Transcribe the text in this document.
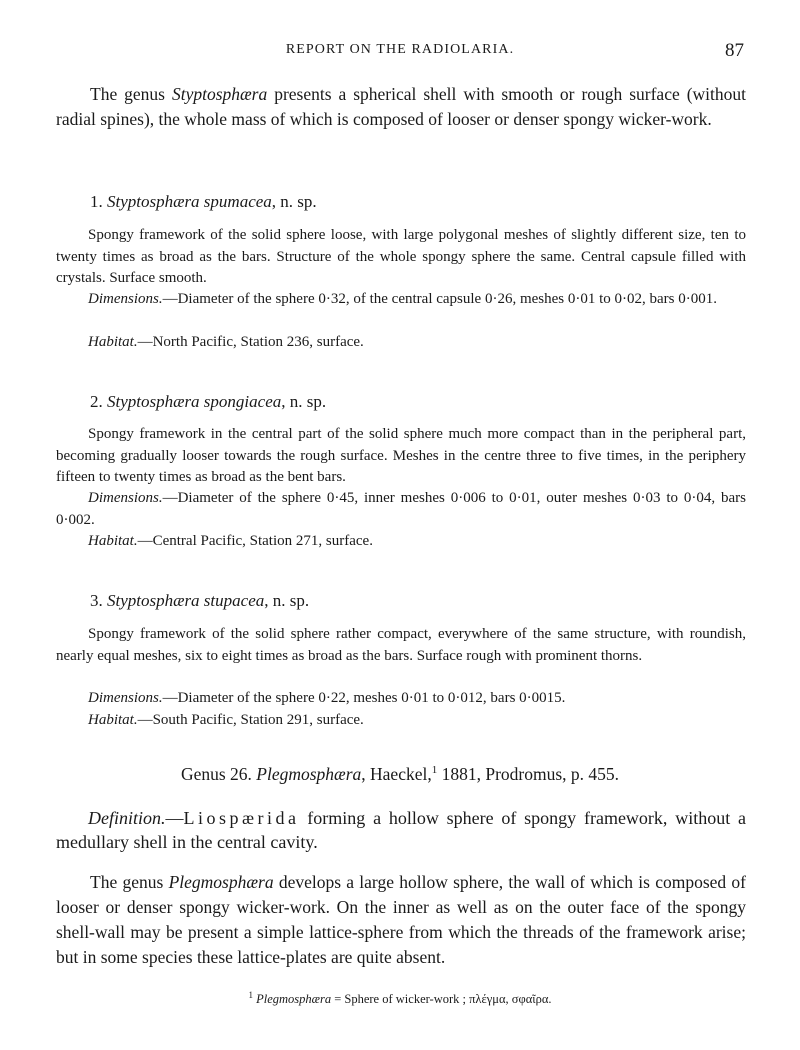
REPORT ON THE RADIOLARIA.	87

The genus Styptosphæra presents a spherical shell with smooth or rough surface (without radial spines), the whole mass of which is composed of looser or denser spongy wicker-work.

1. Styptosphæra spumacea, n. sp.

Spongy framework of the solid sphere loose, with large polygonal meshes of slightly different size, ten to twenty times as broad as the bars. Structure of the whole spongy sphere the same. Central capsule filled with crystals. Surface smooth.

Dimensions.—Diameter of the sphere 0·32, of the central capsule 0·26, meshes 0·01 to 0·02, bars 0·001.

Habitat.—North Pacific, Station 236, surface.

2. Styptosphæra spongiacea, n. sp.

Spongy framework in the central part of the solid sphere much more compact than in the peripheral part, becoming gradually looser towards the rough surface. Meshes in the centre three to five times, in the periphery fifteen to twenty times as broad as the bent bars.

Dimensions.—Diameter of the sphere 0·45, inner meshes 0·006 to 0·01, outer meshes 0·03 to 0·04, bars 0·002.

Habitat.—Central Pacific, Station 271, surface.

3. Styptosphæra stupacea, n. sp.

Spongy framework of the solid sphere rather compact, everywhere of the same structure, with roundish, nearly equal meshes, six to eight times as broad as the bars. Surface rough with prominent thorns.

Dimensions.—Diameter of the sphere 0·22, meshes 0·01 to 0·012, bars 0·0015.

Habitat.—South Pacific, Station 291, surface.

Genus 26. Plegmosphæra, Haeckel,$^1$ 1881, Prodromus, p. 455.

Definition.—Liospærida forming a hollow sphere of spongy framework, without a medullary shell in the central cavity.

The genus Plegmosphæra develops a large hollow sphere, the wall of which is composed of looser or denser spongy wicker-work. On the inner as well as on the outer face of the spongy shell-wall may be present a simple lattice-sphere from which the threads of the framework arise; but in some species these lattice-plates are quite absent.

$^1$ Plegmosphæra = Sphere of wicker-work ; πλέγμα, σφαῖρα.
